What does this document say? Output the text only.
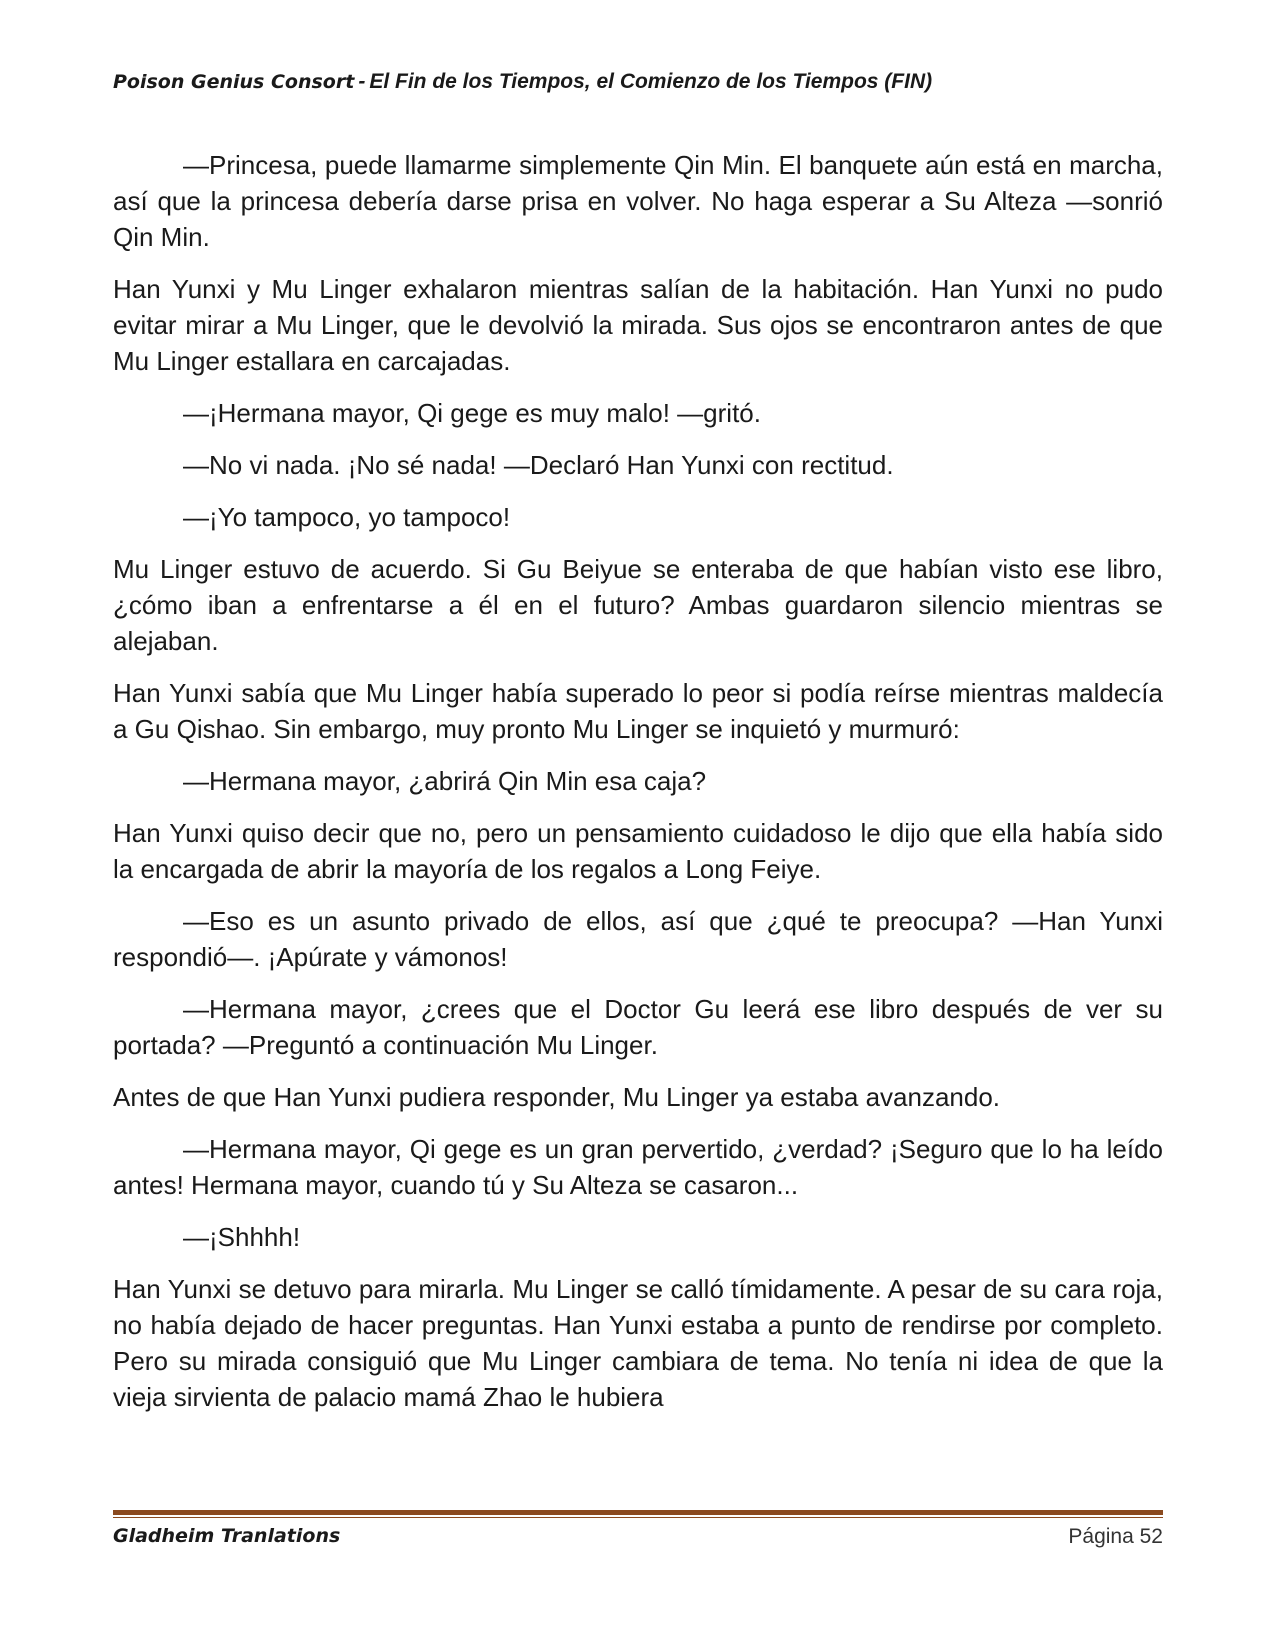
Poison Genius Consort - El Fin de los Tiempos, el Comienzo de los Tiempos (FIN)

—Princesa, puede llamarme simplemente Qin Min. El banquete aún está en marcha, así que la princesa debería darse prisa en volver. No haga esperar a Su Alteza —sonrió Qin Min.

Han Yunxi y Mu Linger exhalaron mientras salían de la habitación. Han Yunxi no pudo evitar mirar a Mu Linger, que le devolvió la mirada. Sus ojos se encontraron antes de que Mu Linger estallara en carcajadas.

—¡Hermana mayor, Qi gege es muy malo! —gritó.

—No vi nada. ¡No sé nada! —Declaró Han Yunxi con rectitud.

—¡Yo tampoco, yo tampoco!

Mu Linger estuvo de acuerdo. Si Gu Beiyue se enteraba de que habían visto ese libro, ¿cómo iban a enfrentarse a él en el futuro? Ambas guardaron silencio mientras se alejaban.

Han Yunxi sabía que Mu Linger había superado lo peor si podía reírse mientras maldecía a Gu Qishao. Sin embargo, muy pronto Mu Linger se inquietó y murmuró:

—Hermana mayor, ¿abrirá Qin Min esa caja?

Han Yunxi quiso decir que no, pero un pensamiento cuidadoso le dijo que ella había sido la encargada de abrir la mayoría de los regalos a Long Feiye.

—Eso es un asunto privado de ellos, así que ¿qué te preocupa? —Han Yunxi respondió—. ¡Apúrate y vámonos!

—Hermana mayor, ¿crees que el Doctor Gu leerá ese libro después de ver su portada? —Preguntó a continuación Mu Linger.

Antes de que Han Yunxi pudiera responder, Mu Linger ya estaba avanzando.

—Hermana mayor, Qi gege es un gran pervertido, ¿verdad? ¡Seguro que lo ha leído antes! Hermana mayor, cuando tú y Su Alteza se casaron...

—¡Shhhh!

Han Yunxi se detuvo para mirarla. Mu Linger se calló tímidamente. A pesar de su cara roja, no había dejado de hacer preguntas. Han Yunxi estaba a punto de rendirse por completo. Pero su mirada consiguió que Mu Linger cambiara de tema. No tenía ni idea de que la vieja sirvienta de palacio mamá Zhao le hubiera

Gladheim Tranlations	Página 52
